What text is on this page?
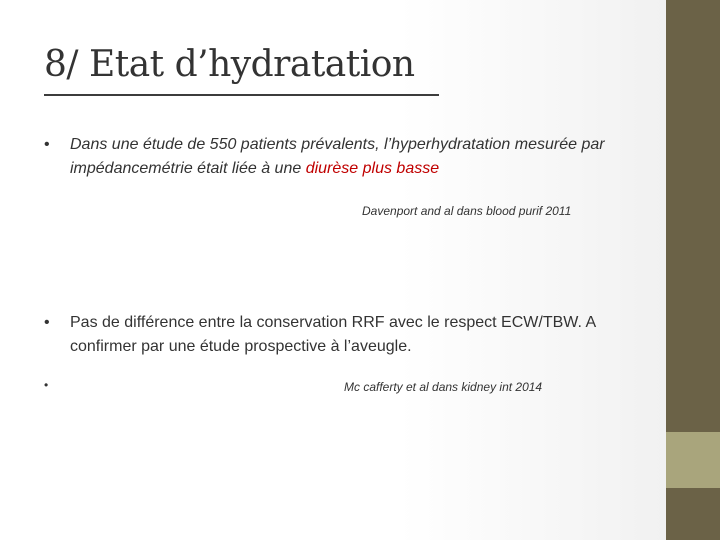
8/ Etat d’hydratation
• Dans une étude de 550 patients prévalents, l’hyperhydratation mesurée par impédancemétrie était liée à une diurèse plus basse
Davenport and al dans blood purif 2011
• Pas de différence entre la conservation RRF avec le respect ECW/TBW. A confirmer par une étude prospective à l’aveugle.
•	Mc cafferty et al dans kidney int 2014
